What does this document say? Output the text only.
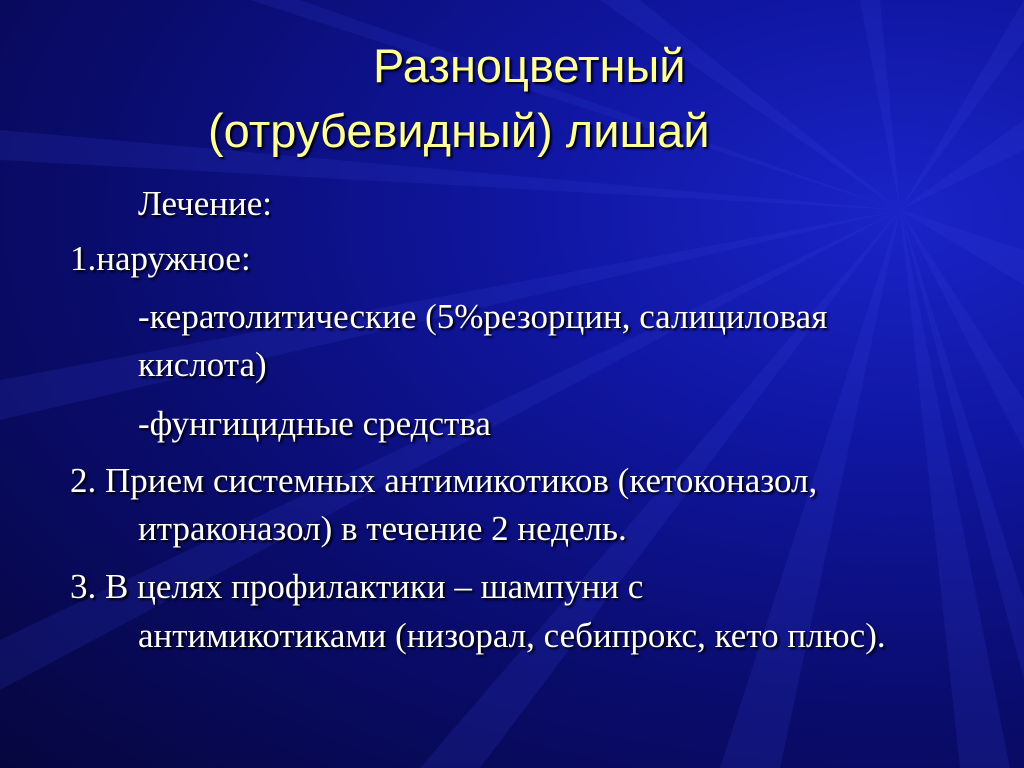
Разноцветный
(отрубевидный) лишай

Лечение:

1.наружное:

-кератолитические (5%резорцин, салициловая

кислота)

-фунгицидные средства

2. Прием системных антимикотиков (кетоконазол,

итраконазол) в течение 2 недель.

3. В целях профилактики – шампуни с

антимикотиками (низорал, себипрокс, кето плюс).
